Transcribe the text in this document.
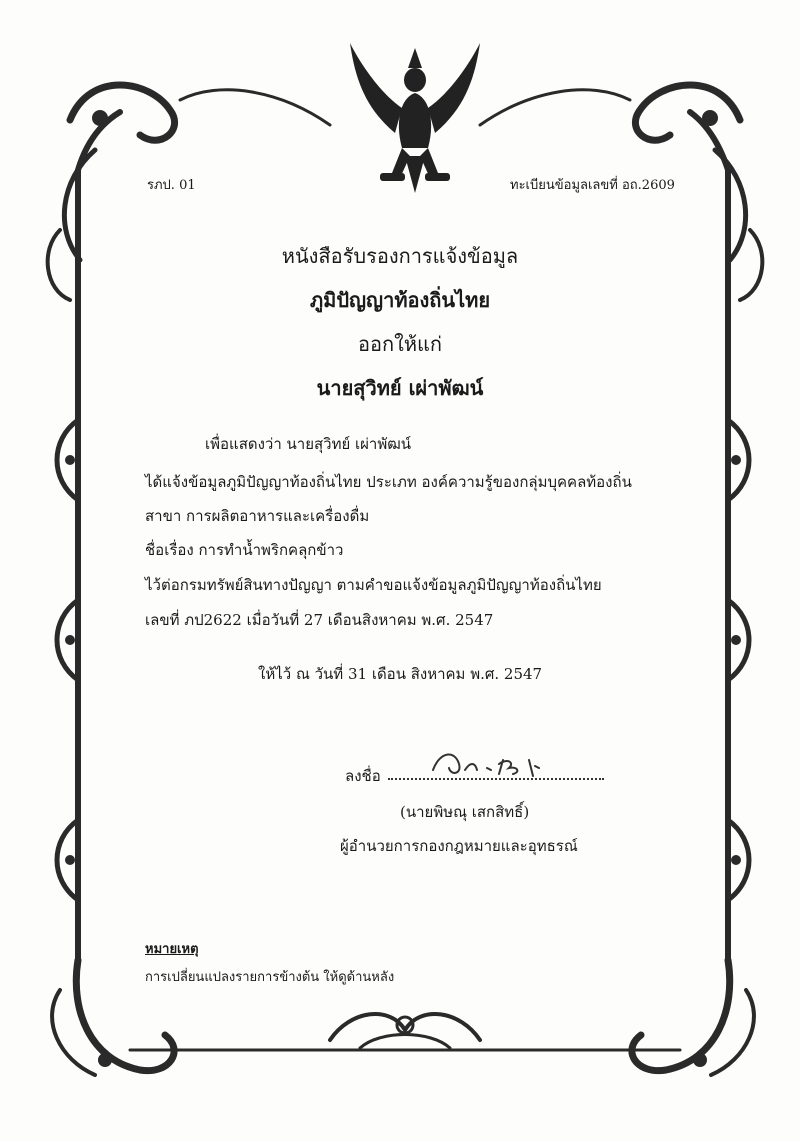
รภป. 01	ทะเบียนข้อมูลเลขที่ อถ.2609
หนังสือรับรองการแจ้งข้อมูล
ภูมิปัญญาท้องถิ่นไทย
ออกให้แก่
นายสุวิทย์ เผ่าพัฒน์
เพื่อแสดงว่า นายสุวิทย์ เผ่าพัฒน์
ได้แจ้งข้อมูลภูมิปัญญาท้องถิ่นไทย ประเภท องค์ความรู้ของกลุ่มบุคคลท้องถิ่น
สาขา การผลิตอาหารและเครื่องดื่ม
ชื่อเรื่อง การทำน้ำพริกคลุกข้าว
ไว้ต่อกรมทรัพย์สินทางปัญญา ตามคำขอแจ้งข้อมูลภูมิปัญญาท้องถิ่นไทย
เลขที่ ภป2622 เมื่อวันที่ 27 เดือนสิงหาคม พ.ศ. 2547
ให้ไว้ ณ วันที่ 31 เดือน สิงหาคม พ.ศ. 2547
ลงชื่อ
(นายพิษณุ เสกสิทธิ์)
ผู้อำนวยการกองกฎหมายและอุทธรณ์
หมายเหตุ
การเปลี่ยนแปลงรายการข้างต้น ให้ดูด้านหลัง
